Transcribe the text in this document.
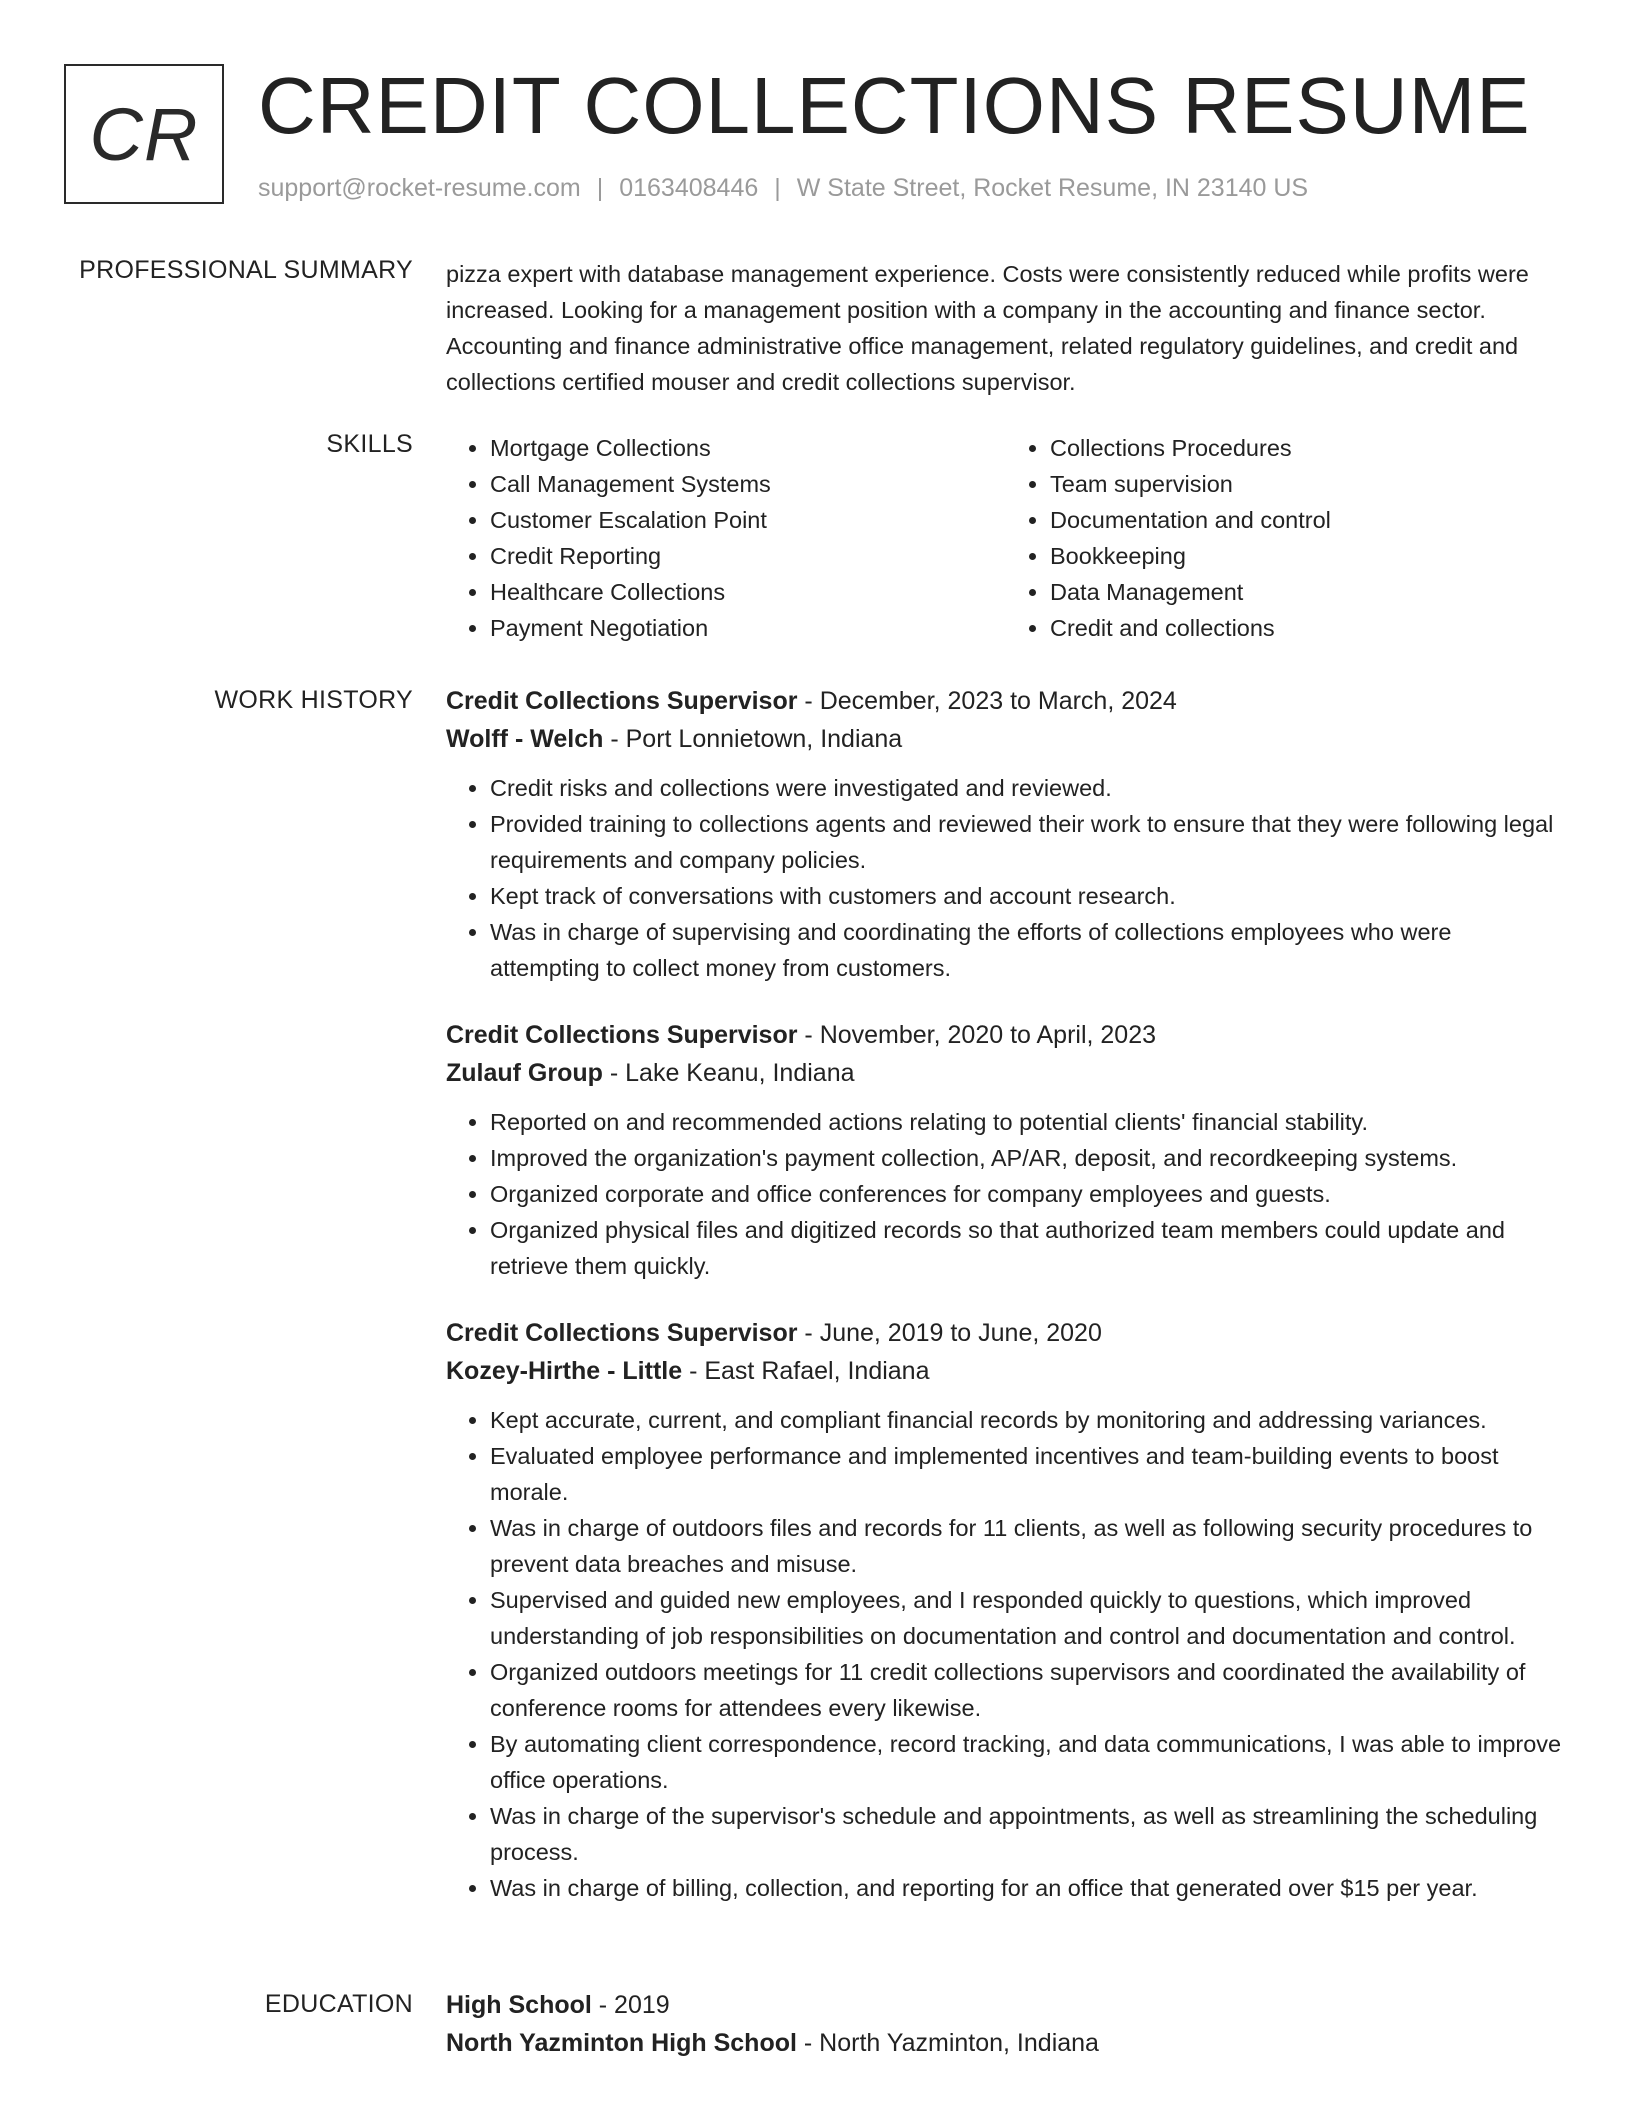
CR CREDIT COLLECTIONS RESUME
support@rocket-resume.com | 0163408446 | W State Street, Rocket Resume, IN 23140 US
PROFESSIONAL SUMMARY pizza expert with database management experience. Costs were consistently reduced while profits were increased. Looking for a management position with a company in the accounting and finance sector. Accounting and finance administrative office management, related regulatory guidelines, and credit and collections certified mouser and credit collections supervisor.

SKILLS
•	Mortgage Collections
• Call Management Systems
• Customer Escalation Point
• Credit Reporting
• Healthcare Collections
• Payment Negotiation
• Collections Procedures
• Team supervision
• Documentation and control
• Bookkeeping
• Data Management
• Credit and collections
WORK HISTORY Credit Collections Supervisor - December, 2023 to March, 2024
Wolff - Welch - Port Lonnietown, Indiana
• Credit risks and collections were investigated and reviewed.
• Provided training to collections agents and reviewed their work to ensure that they were following legal requirements and company policies.
• Kept track of conversations with customers and account research.
• Was in charge of supervising and coordinating the efforts of collections employees who were attempting to collect money from customers.
Credit Collections Supervisor - November, 2020 to April, 2023
Zulauf Group - Lake Keanu, Indiana
• Reported on and recommended actions relating to potential clients' financial stability.
• Improved the organization's payment collection, AP/AR, deposit, and recordkeeping systems.
• Organized corporate and office conferences for company employees and guests.
• Organized physical files and digitized records so that authorized team members could update and retrieve them quickly.
Credit Collections Supervisor - June, 2019 to June, 2020
Kozey-Hirthe - Little - East Rafael, Indiana
• Kept accurate, current, and compliant financial records by monitoring and addressing variances.
• Evaluated employee performance and implemented incentives and team-building events to boost morale.
• Was in charge of outdoors files and records for 11 clients, as well as following security procedures to prevent data breaches and misuse.
• Supervised and guided new employees, and I responded quickly to questions, which improved understanding of job responsibilities on documentation and control and documentation and control.
• Organized outdoors meetings for 11 credit collections supervisors and coordinated the availability of conference rooms for attendees every likewise.
• By automating client correspondence, record tracking, and data communications, I was able to improve office operations.
• Was in charge of the supervisor's schedule and appointments, as well as streamlining the scheduling process.
• Was in charge of billing, collection, and reporting for an office that generated over $15 per year.
EDUCATION High School - 2019
North Yazminton High School - North Yazminton, Indiana
